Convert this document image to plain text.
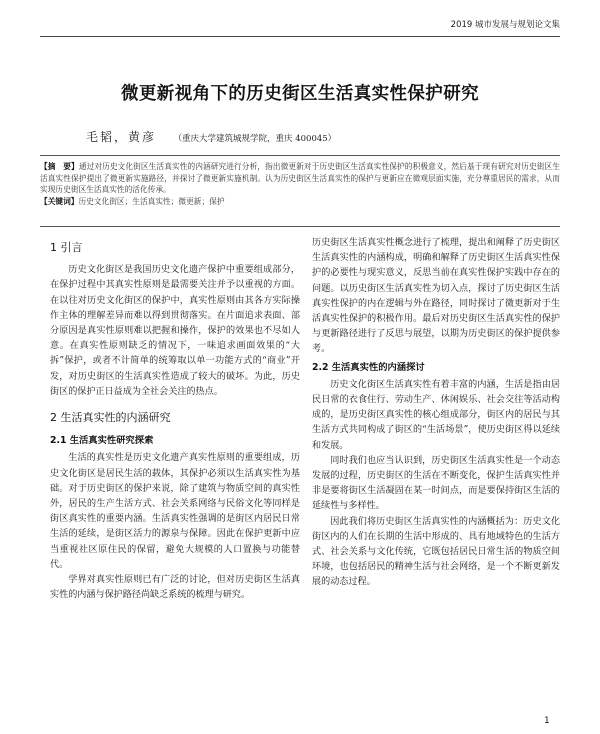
2019 城市发展与规划论文集
微更新视角下的历史街区生活真实性保护研究
毛韬，黄彦 （重庆大学建筑城规学院，重庆 400045）

【摘　要】通过对历史文化街区生活真实性的内涵研究进行分析，指出微更新对于历史街区生活真实性保护的积极意义，然后基于现有研究对历史街区生活真实性保护提出了微更新实施路径，并探讨了微更新实施机制。认为历史街区生活真实性的保护与更新应在微观层面实施，充分尊重居民的需求，从而实现历史街区生活真实性的活化传承。

【关键词】历史文化街区；生活真实性；微更新；保护

1 引言

历史文化街区是我国历史文化遗产保护中重要组成部分，在保护过程中其真实性原则是最需要关注并予以重视的方面。在以往对历史文化街区的保护中，真实性原则由其各方实际操作主体的理解差异而难以得到贯彻落实。在片面追求表面、部分原因是真实性原则难以把握和操作，保护的效果也不尽如人意。在真实性原则缺乏的情况下，一味追求画面效果的“大拆”保护，或者不计简单的统筹取以单一功能方式的“商业”开发，对历史街区的生活真实性造成了较大的破坏。为此，历史街区的保护正日益成为全社会关注的热点。

2 生活真实性的内涵研究
2.1 生活真实性研究探索

生活的真实性是历史文化遗产真实性原则的重要组成，历史文化街区是居民生活的载体，其保护必须以生活真实性为基础。对于历史街区的保护来说，除了建筑与物质空间的真实性外，居民的生产生活方式、社会关系网络与民俗文化等同样是街区真实性的重要内涵。生活真实性强调的是街区内居民日常生活的延续，是街区活力的源泉与保障。因此在保护更新中应当重视社区原住民的保留，避免大规模的人口置换与功能替代。

学界对真实性原则已有广泛的讨论，但对历史街区生活真实性的内涵与保护路径尚缺乏系统的梳理与研究。

历史街区生活真实性概念进行了梳理，提出和阐释了历史街区生活真实性的内涵构成，明确和解释了历史街区生活真实性保护的必要性与现实意义，反思当前在真实性保护实践中存在的问题。以历史街区生活真实性为切入点，探讨了历史街区生活真实性保护的内在逻辑与外在路径，同时探讨了微更新对于生活真实性保护的积极作用。最后对历史街区生活真实性的保护与更新路径进行了反思与展望，以期为历史街区的保护提供参考。

2.2 生活真实性的内涵探讨

历史文化街区生活真实性有着丰富的内涵，生活是指由居民日常的衣食住行、劳动生产、休闲娱乐、社会交往等活动构成的，是历史街区真实性的核心组成部分，街区内的居民与其生活方式共同构成了街区的“生活场景”，使历史街区得以延续和发展。

同时我们也应当认识到，历史街区生活真实性是一个动态发展的过程，历史街区的生活在不断变化，保护生活真实性并非是要将街区生活凝固在某一时间点，而是要保持街区生活的延续性与多样性。

因此我们将历史街区生活真实性的内涵概括为：历史文化街区内的人们在长期的生活中形成的、具有地域特色的生活方式、社会关系与文化传统，它既包括居民日常生活的物质空间环境，也包括居民的精神生活与社会网络，是一个不断更新发展的动态过程。

1
